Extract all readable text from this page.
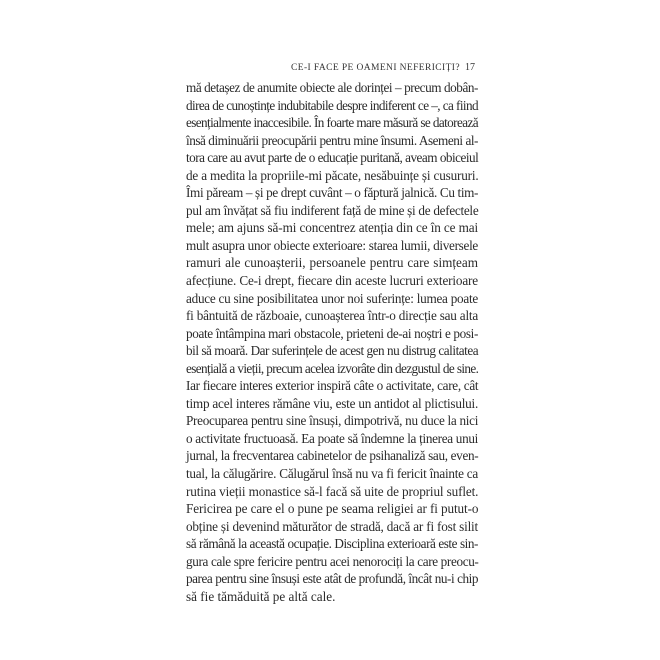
CE-I FACE PE OAMENI NEFERICIȚI? 17

mă detașez de anumite obiecte ale dorinței – precum dobân-
direa de cunoștințe indubitabile despre indiferent ce –, ca fiind
esențialmente inaccesibile. În foarte mare măsură se datorează
însă diminuării preocupării pentru mine însumi. Asemeni al-
tora care au avut parte de o educație puritană, aveam obiceiul
de a medita la propriile-mi păcate, nesăbuințe și cusururi.
Îmi păream – și pe drept cuvânt – o făptură jalnică. Cu tim-
pul am învățat să fiu indiferent față de mine și de defectele
mele; am ajuns să-mi concentrez atenția din ce în ce mai
mult asupra unor obiecte exterioare: starea lumii, diversele
ramuri ale cunoașterii, persoanele pentru care simțeam
afecțiune. Ce-i drept, fiecare din aceste lucruri exterioare
aduce cu sine posibilitatea unor noi suferințe: lumea poate
fi bântuită de războaie, cunoașterea într-o direcție sau alta
poate întâmpina mari obstacole, prieteni de-ai noștri e posi-
bil să moară. Dar suferințele de acest gen nu distrug calitatea
esențială a vieții, precum acelea izvorâte din dezgustul de sine.
Iar fiecare interes exterior inspiră câte o activitate, care, cât
timp acel interes rămâne viu, este un antidot al plictisului.
Preocuparea pentru sine însuși, dimpotrivă, nu duce la nici
o activitate fructuoasă. Ea poate să îndemne la ținerea unui
jurnal, la frecventarea cabinetelor de psihanaliză sau, even-
tual, la călugărire. Călugărul însă nu va fi fericit înainte ca
rutina vieții monastice să-l facă să uite de propriul suflet.
Fericirea pe care el o pune pe seama religiei ar fi putut-o
obține și devenind măturător de stradă, dacă ar fi fost silit
să rămână la această ocupație. Disciplina exterioară este sin-
gura cale spre fericire pentru acei nenorociți la care preocu-
parea pentru sine însuși este atât de profundă, încât nu-i chip
să fie tămăduită pe altă cale.
